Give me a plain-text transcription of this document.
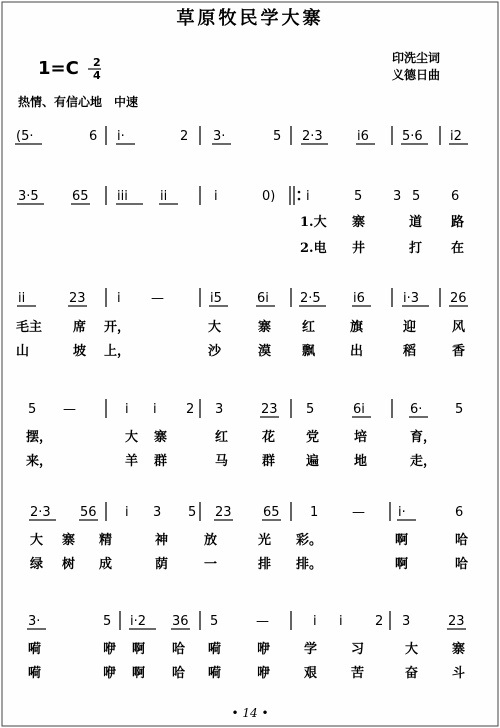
草原牧民学大寨
1=C 2
4
印洗尘词
义德日曲
热情、有信心地　中速
(5·	6 i·	2 3·	5 2·3	i6	5·6 i2
3·5	65 iii ii	i	0) i	5 3 5 6
1.大 寨	道 路
2.电 井	打 在
ii	23 i —	i5	6i 2·5 i6	i·3 26
毛主 席 开，	大	寨 红	旗	迎	风
山	坡 上，	沙	漠 飘	出	稻	香
5 —	i i 2 3	23 5	6i	6·	5
摆，	大 寨	红	花 党	培	育，
来，	羊 群	马	群 遍	地	走，
2·3 56 i 3 5 23 65 1	—	i·	6
大 寨 精	神	放	光 彩。	啊	哈
绿 树 成	荫	一	排 排。	啊	哈
3·	5 i·2 36 5	—	i i 2 3	23
嗬	咿 啊 哈 嗬	咿	学	习	大	寨
嗬	咿 啊 哈 嗬	咿	艰	苦	奋	斗
• 14 •
